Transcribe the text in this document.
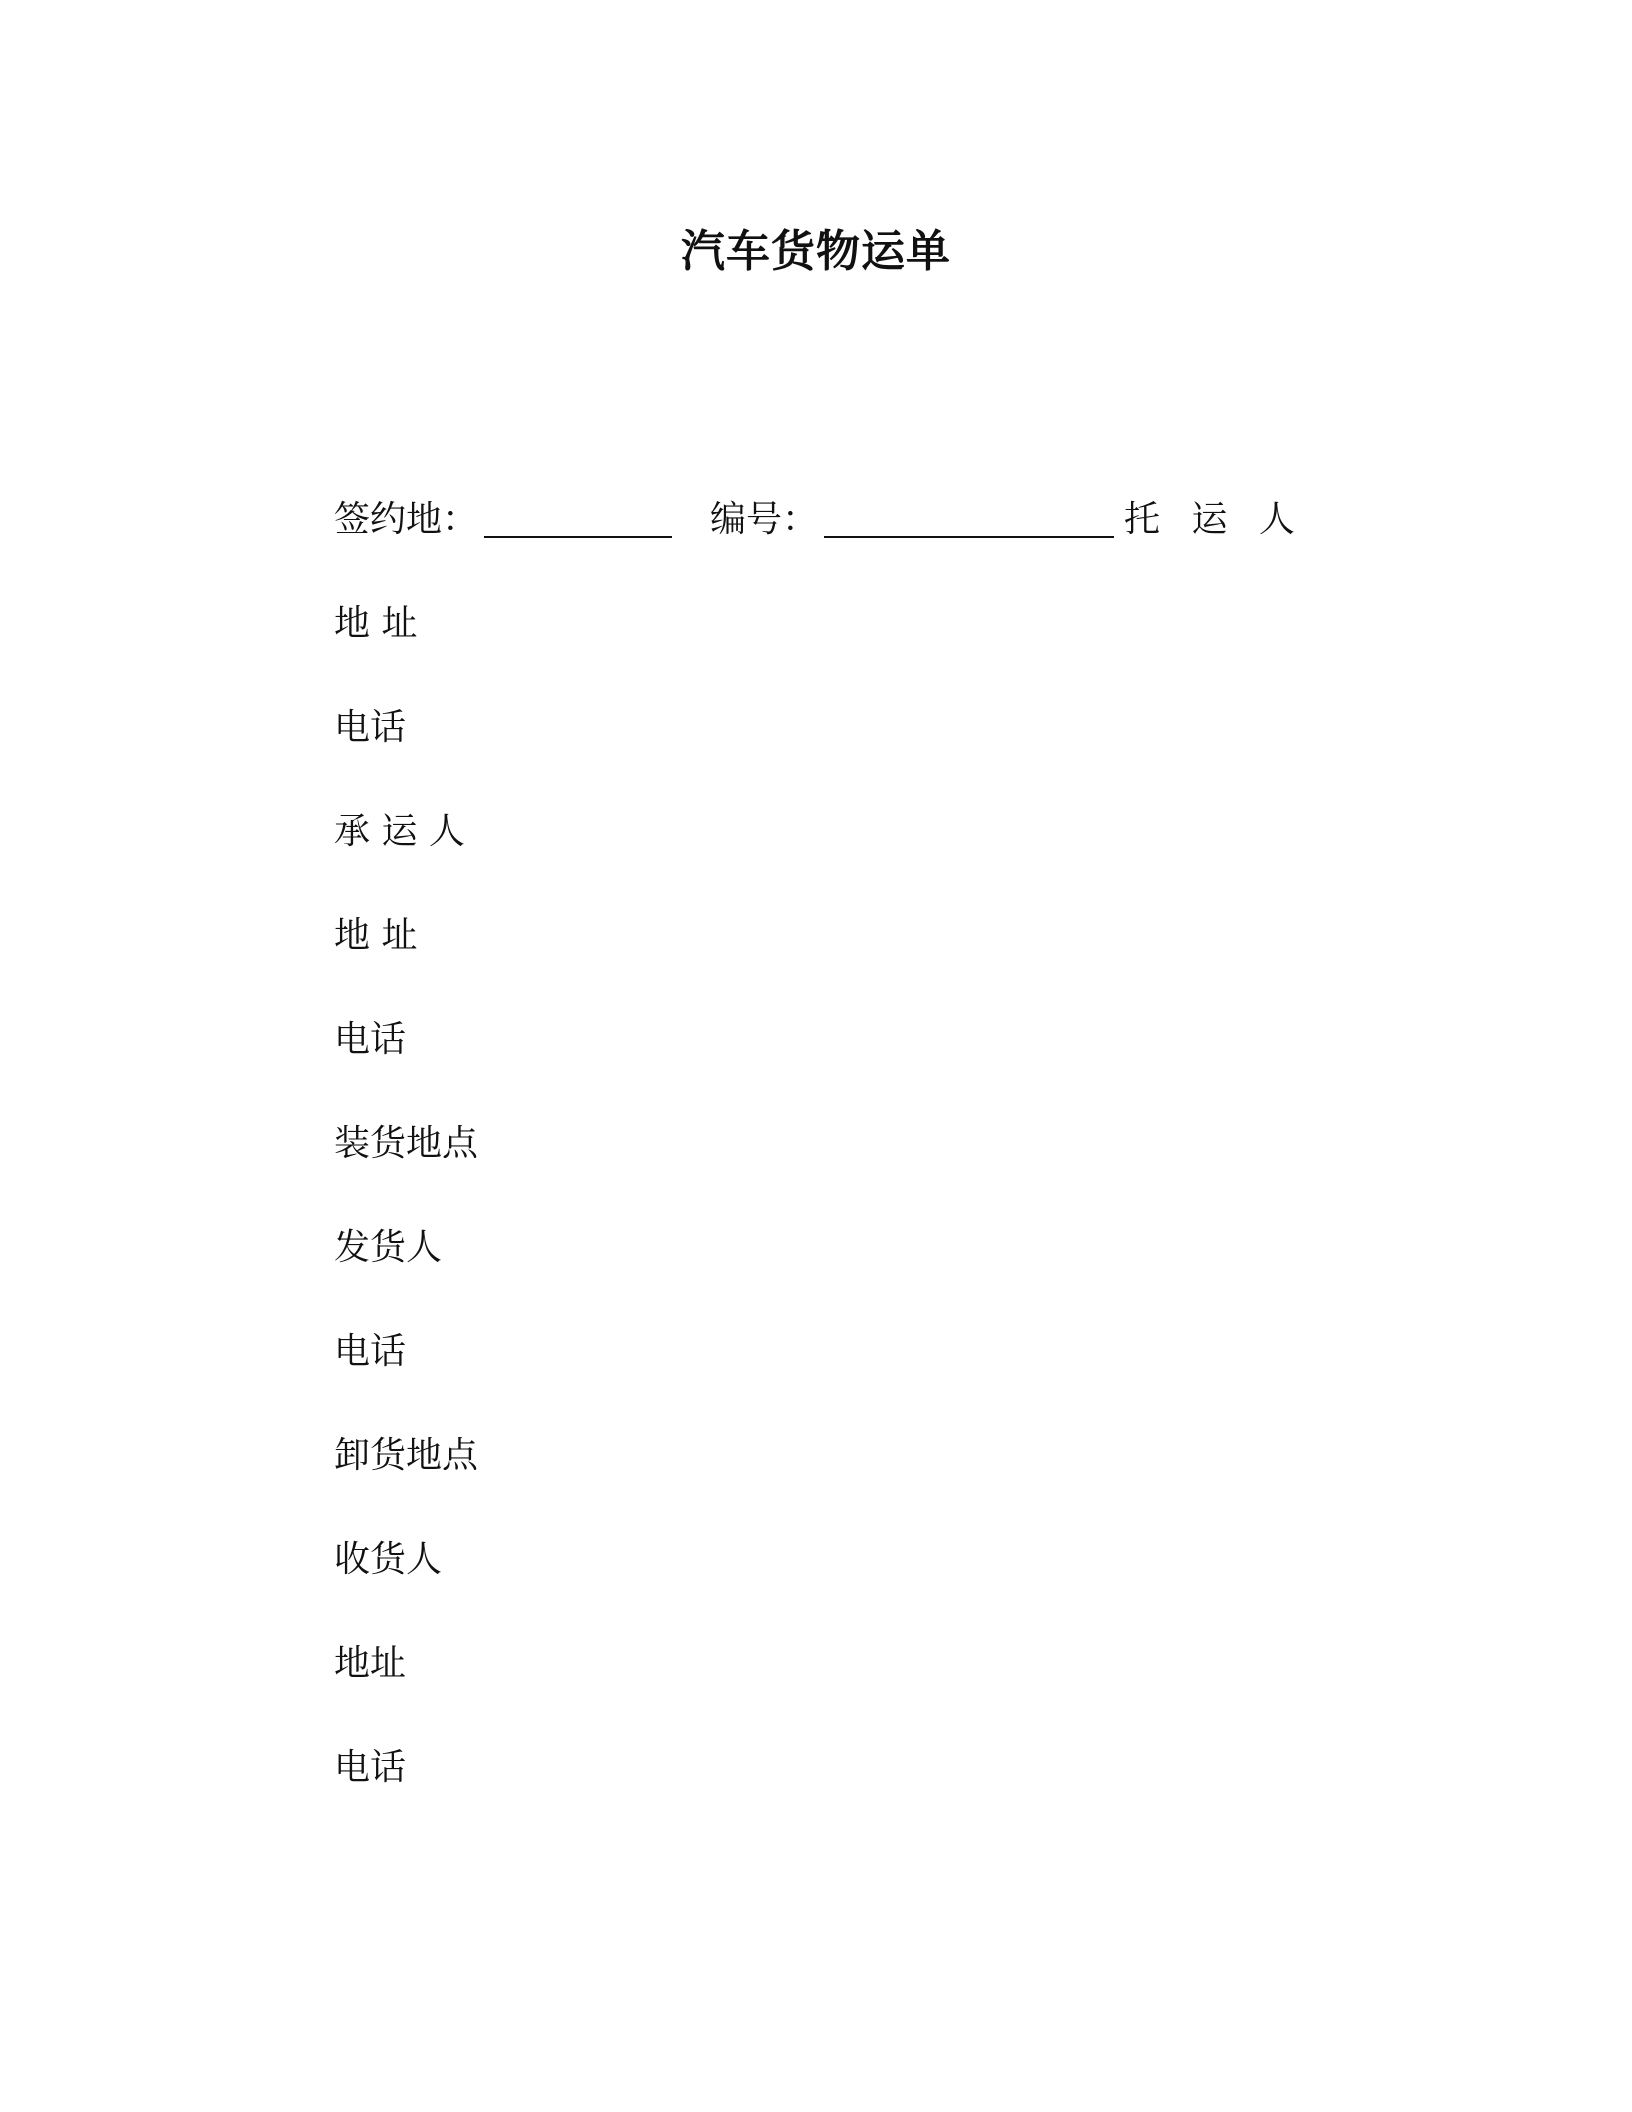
汽车货物运单
签约地：	编号：	托 运 人
地 址
电话
承 运 人
地 址
电话
装货地点
发货人
电话
卸货地点
收货人
地址
电话
